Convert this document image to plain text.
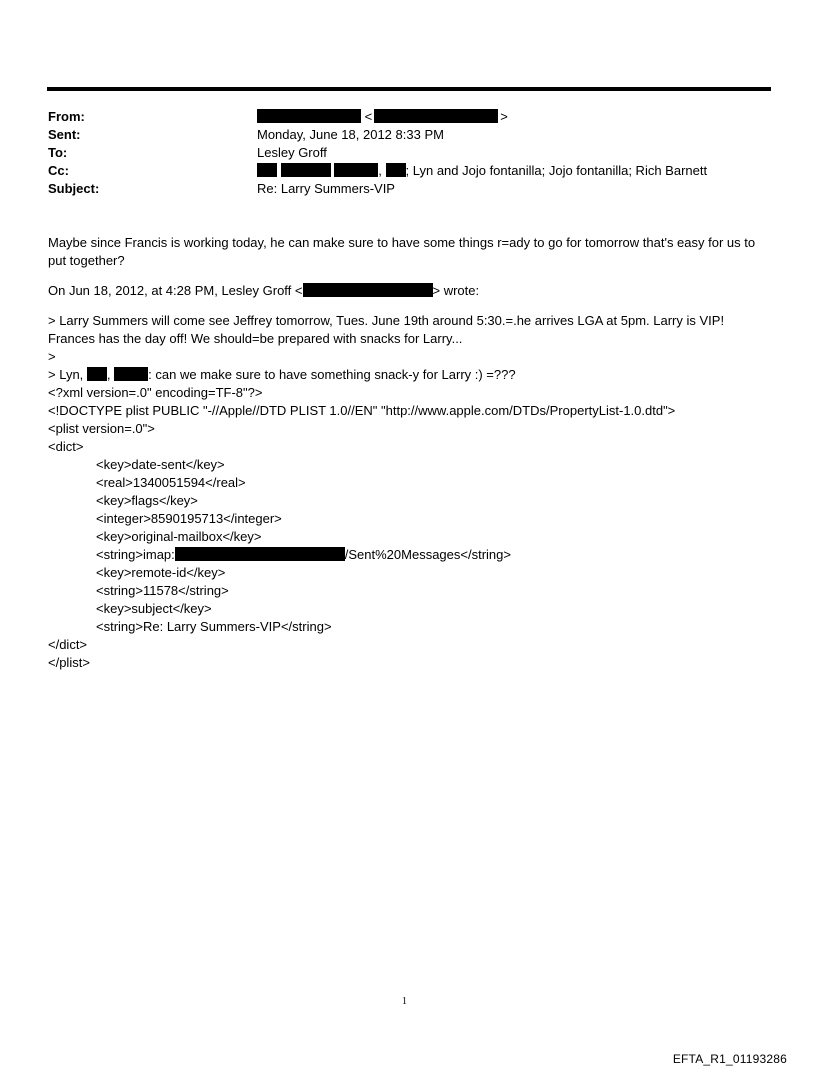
From:	<	>
Sent:	Monday, June 18, 2012 8:33 PM
To:	Lesley Groff
Cc:	, ; Lyn and Jojo fontanilla; Jojo fontanilla; Rich Barnett
Subject:	Re: Larry Summers-VIP

Maybe since Francis is working today, he can make sure to have some things r=ady to go for tomorrow that's easy for us to put together?

On Jun 18, 2012, at 4:28 PM, Lesley Groff <	> wrote:

> Larry Summers will come see Jeffrey tomorrow, Tues. June 19th around 5:30.=.he arrives LGA at 5pm. Larry is VIP! Frances has the day off! We should=be prepared with snacks for Larry...
>
> Lyn, ,	: can we make sure to have something snack-y for Larry :) =???
<?xml version=.0" encoding=TF-8"?>
<!DOCTYPE plist PUBLIC "-//Apple//DTD PLIST 1.0//EN" "http://www.apple.com/DTDs/PropertyList-1.0.dtd">
<plist version=.0">
<dict>
<key>date-sent</key>
<real>1340051594</real>
<key>flags</key>
<integer>8590195713</integer>
<key>original-mailbox</key>
<string>imap:	/Sent%20Messages</string>
<key>remote-id</key>
<string>11578</string>
<key>subject</key>
<string>Re: Larry Summers-VIP</string>
</dict>
</plist>
1
EFTA_R1_01193286
